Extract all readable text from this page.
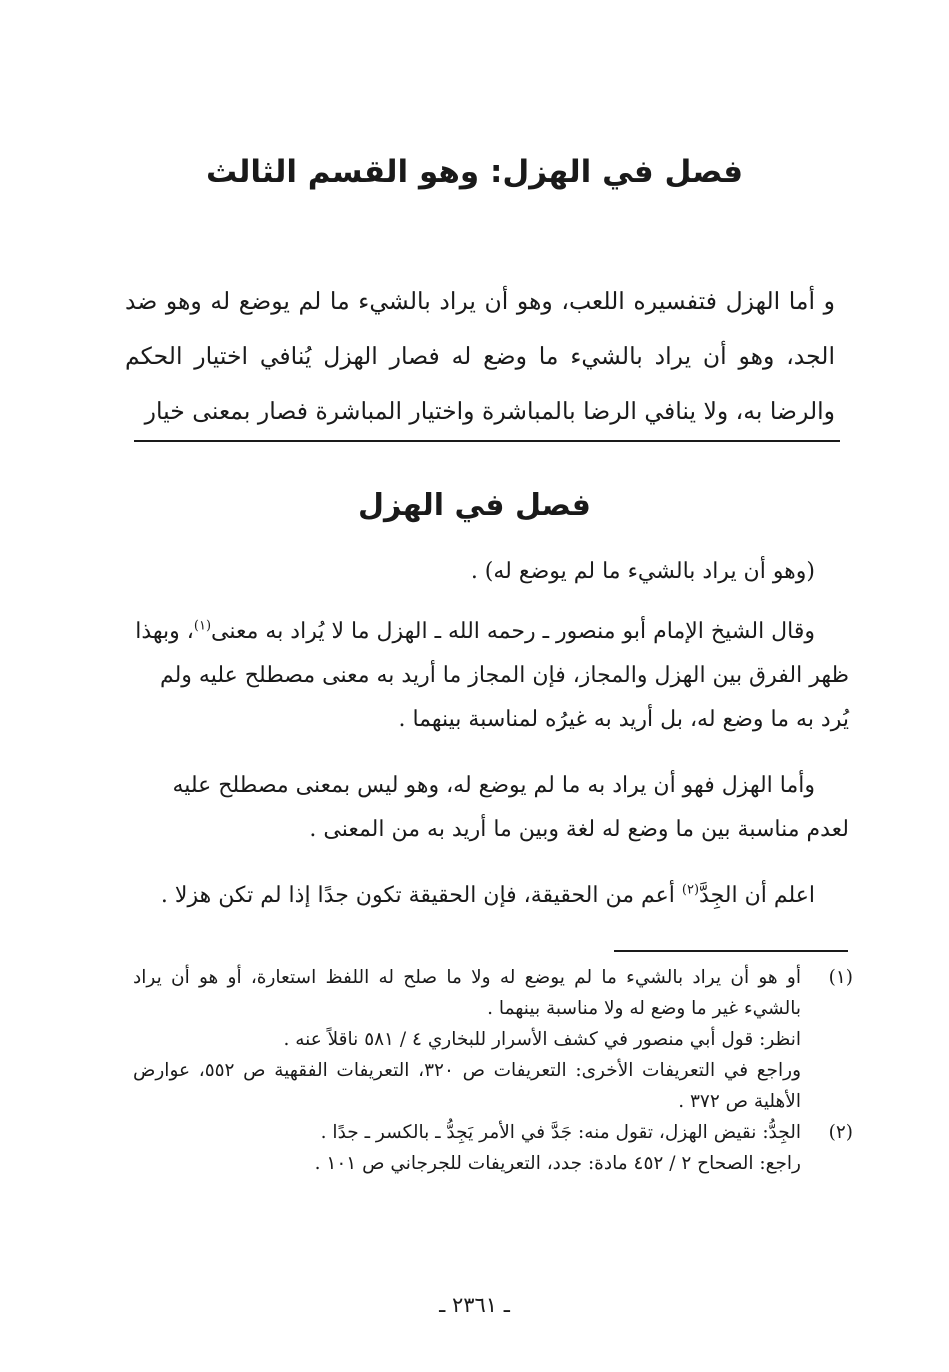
فصل في الهزل: وهو القسم الثالث
و أما الهزل فتفسيره اللعب، وهو أن يراد بالشيء ما لم يوضع له وهو ضد الجد، وهو أن يراد بالشيء ما وضع له فصار الهزل يُنافي اختيار الحكم والرضا به، ولا ينافي الرضا بالمباشرة واختيار المباشرة فصار بمعنى خيار
فصل في الهزل

(وهو أن يراد بالشيء ما لم يوضع له) .

وقال الشيخ الإمام أبو منصور ـ رحمه الله ـ الهزل ما لا يُراد به معنى$^{(١)}$، وبهذا ظهر الفرق بين الهزل والمجاز، فإن المجاز ما أريد به معنى مصطلح عليه ولم يُرد به ما وضع له، بل أريد به غيرُه لمناسبة بينهما .

وأما الهزل فهو أن يراد به ما لم يوضع له، وهو ليس بمعنى مصطلح عليه لعدم مناسبة بين ما وضع له لغة وبين ما أريد به من المعنى .

اعلم أن الجِدَّ$^{(٢)}$ أعم من الحقيقة، فإن الحقيقة تكون جدًا إذا لم تكن هزلا .

(١)

أو هو أن يراد بالشيء ما لم يوضع له ولا ما صلح له اللفظ استعارة، أو هو أن يراد بالشيء غير ما وضع له ولا مناسبة بينهما .

انظر: قول أبي منصور في كشف الأسرار للبخاري ٤ / ٥٨١ ناقلاً عنه .

وراجع في التعريفات الأخرى: التعريفات ص ٣٢٠، التعريفات الفقهية ص ٥٥٢، عوارض الأهلية ص ٣٧٢ .

(٢)

الجِدُّ: نقيض الهزل، تقول منه: جَدَّ في الأمر يَجِدُّ ـ بالكسر ـ جدًا .

راجع: الصحاح ٢ / ٤٥٢ مادة: جدد، التعريفات للجرجاني ص ١٠١ .

ـ ٢٣٦١ ـ
